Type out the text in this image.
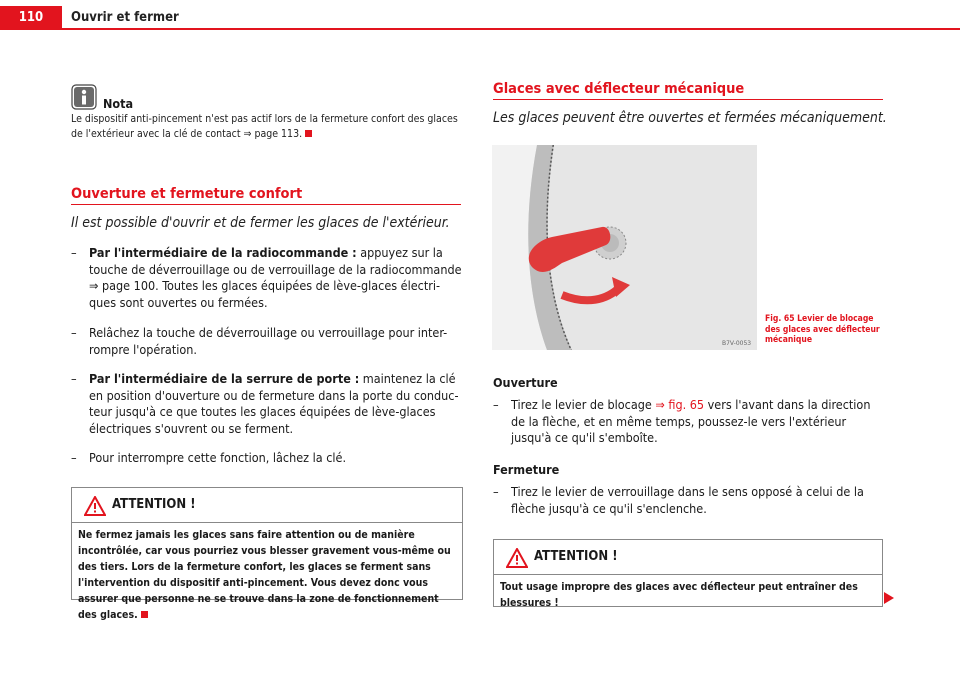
110	Ouvrir et fermer
Nota
Le dispositif anti-pincement n'est pas actif lors de la fermeture confort des glaces de l'extérieur avec la clé de contact ⇒ page 113.
Ouverture et fermeture confort
Il est possible d'ouvrir et de fermer les glaces de l'extérieur.
– Par l'intermédiaire de la radiocommande : appuyez sur la touche de déverrouillage ou de verrouillage de la radiocommande ⇒ page 100. Toutes les glaces équipées de lève-glaces électri-ques sont ouvertes ou fermées.
– Relâchez la touche de déverrouillage ou verrouillage pour inter-rompre l'opération.
– Par l'intermédiaire de la serrure de porte : maintenez la clé en position d'ouverture ou de fermeture dans la porte du conduc-teur jusqu'à ce que toutes les glaces équipées de lève-glaces électriques s'ouvrent ou se ferment.
– Pour interrompre cette fonction, lâchez la clé.
ATTENTION !
Ne fermez jamais les glaces sans faire attention ou de manière incontrôlée, car vous pourriez vous blesser gravement vous-même ou des tiers. Lors de la fermeture confort, les glaces se ferment sans l'intervention du dispositif anti-pincement. Vous devez donc vous assurer que personne ne se trouve dans la zone de fonctionnement des glaces.
Glaces avec déflecteur mécanique
Les glaces peuvent être ouvertes et fermées mécaniquement.
B7V-0053
Fig. 65 Levier de blocage des glaces avec déflecteur mécanique
Ouverture
– Tirez le levier de blocage ⇒ fig. 65 vers l'avant dans la direction de la flèche, et en même temps, poussez-le vers l'extérieur jusqu'à ce qu'il s'emboîte.
Fermeture
– Tirez le levier de verrouillage dans le sens opposé à celui de la flèche jusqu'à ce qu'il s'enclenche.
ATTENTION !
Tout usage impropre des glaces avec déflecteur peut entraîner des blessures !
